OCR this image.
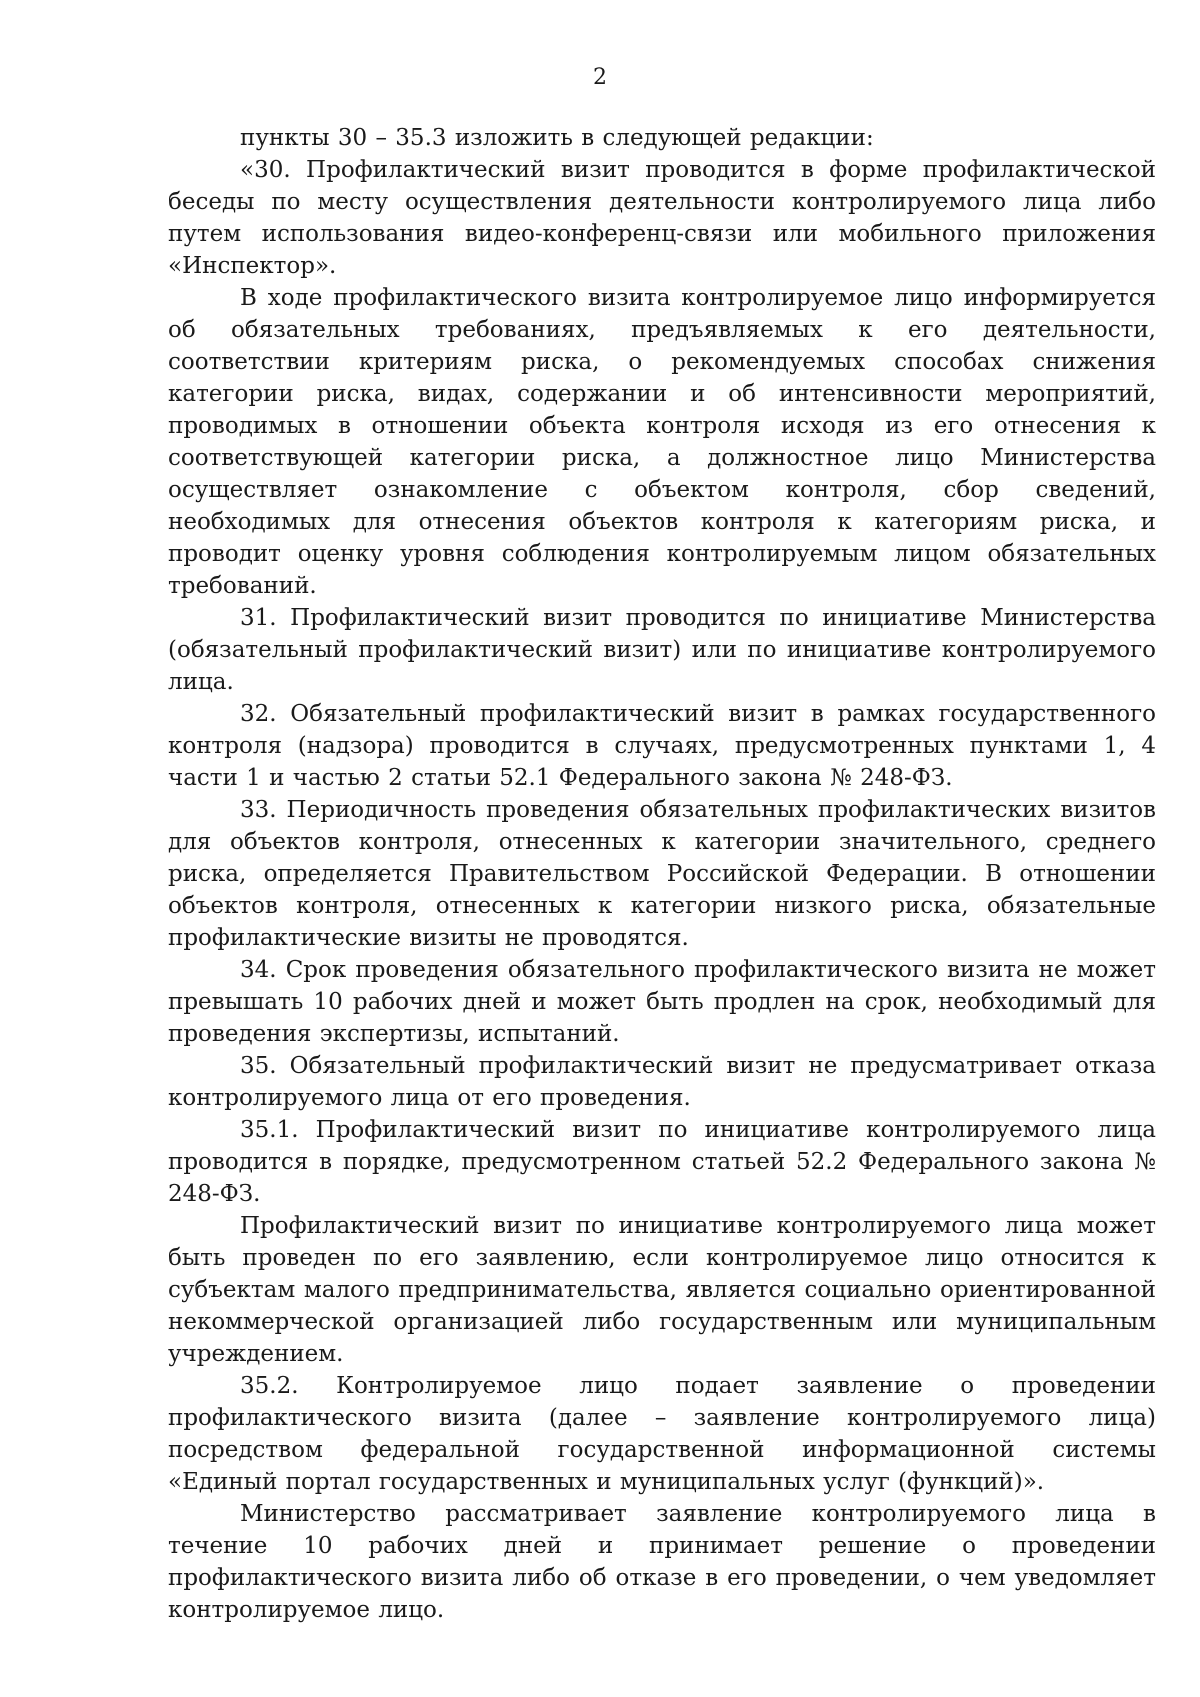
2

пункты 30 – 35.3 изложить в следующей редакции:

«30. Профилактический визит проводится в форме профилактической беседы по месту осуществления деятельности контролируемого лица либо путем использования видео-конференц-связи или мобильного приложения «Инспектор».

В ходе профилактического визита контролируемое лицо информируется об обязательных требованиях, предъявляемых к его деятельности, соответствии критериям риска, о рекомендуемых способах снижения категории риска, видах, содержании и об интенсивности мероприятий, проводимых в отношении объекта контроля исходя из его отнесения к соответствующей категории риска, а должностное лицо Министерства осуществляет ознакомление с объектом контроля, сбор сведений, необходимых для отнесения объектов контроля к категориям риска, и проводит оценку уровня соблюдения контролируемым лицом обязательных требований.

31. Профилактический визит проводится по инициативе Министерства (обязательный профилактический визит) или по инициативе контролируемого лица.

32. Обязательный профилактический визит в рамках государственного контроля (надзора) проводится в случаях, предусмотренных пунктами 1, 4 части 1 и частью 2 статьи 52.1 Федерального закона № 248-ФЗ.

33. Периодичность проведения обязательных профилактических визитов для объектов контроля, отнесенных к категории значительного, среднего риска, определяется Правительством Российской Федерации. В отношении объектов контроля, отнесенных к категории низкого риска, обязательные профилактические визиты не проводятся.

34. Срок проведения обязательного профилактического визита не может превышать 10 рабочих дней и может быть продлен на срок, необходимый для проведения экспертизы, испытаний.

35. Обязательный профилактический визит не предусматривает отказа контролируемого лица от его проведения.

35.1. Профилактический визит по инициативе контролируемого лица проводится в порядке, предусмотренном статьей 52.2 Федерального закона № 248-ФЗ.

Профилактический визит по инициативе контролируемого лица может быть проведен по его заявлению, если контролируемое лицо относится к субъектам малого предпринимательства, является социально ориентированной некоммерческой организацией либо государственным или муниципальным учреждением.

35.2. Контролируемое лицо подает заявление о проведении профилактического визита (далее – заявление контролируемого лица) посредством федеральной государственной информационной системы «Единый портал государственных и муниципальных услуг (функций)».

Министерство рассматривает заявление контролируемого лица в течение 10 рабочих дней и принимает решение о проведении профилактического визита либо об отказе в его проведении, о чем уведомляет контролируемое лицо.
